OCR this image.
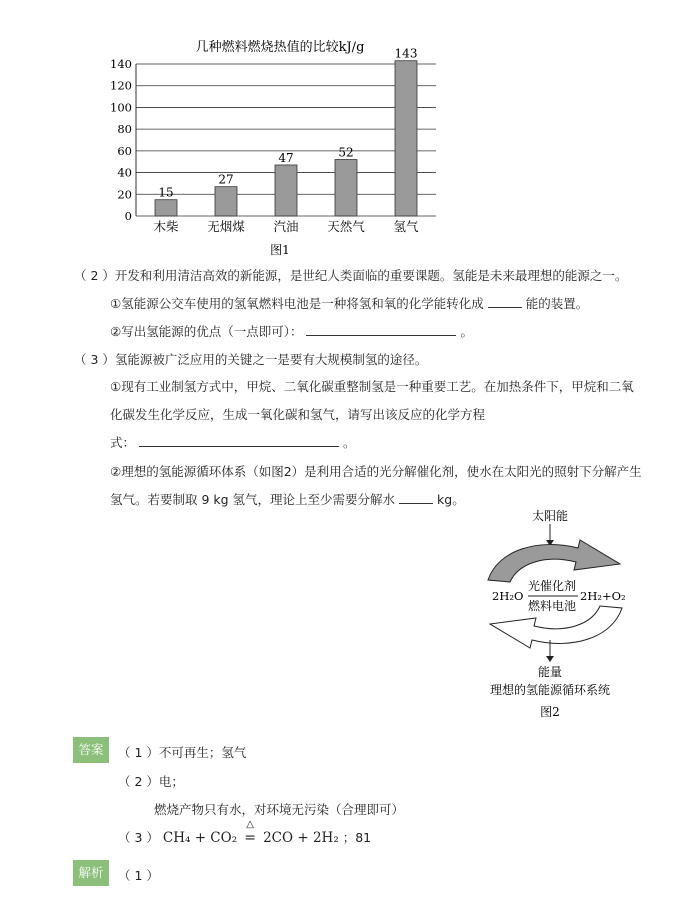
几种燃料燃烧热值的比较kJ/g
0
20
40
60
80
100
120
140
15
木柴
27
无烟煤
47
汽油
52
天然气
143
氢气
图1
（ 2 ）开发和利用清洁高效的新能源，是世纪人类面临的重要课题。氢能是未来最理想的能源之一。
①氢能源公交车使用的氢氧燃料电池是一种将氢和氧的化学能转化成	能的装置。
②写出氢能源的优点（一点即可）：	。
（ 3 ）氢能源被广泛应用的关键之一是要有大规模制氢的途径。
①现有工业制氢方式中，甲烷、二氧化碳重整制氢是一种重要工艺。在加热条件下，甲烷和二氧
化碳发生化学反应，生成一氧化碳和氢气，请写出该反应的化学方程
式：	。
②理想的氢能源循环体系（如图2）是利用合适的光分解催化剂，使水在太阳光的照射下分解产生
氢气。若要制取 9 kg 氢气，理论上至少需要分解水	kg。
太阳能
2H₂O
光催化剂
燃料电池
2H₂+O₂
能量
理想的氢能源循环系统
图2
答案	（ 1 ）不可再生；氢气
（ 2 ）电；
燃烧产物只有水，对环境无污染（合理即可）
（ 3 ） CH₄ + CO₂
△
= 2CO + 2H₂ ；81
解析	（ 1 ）
